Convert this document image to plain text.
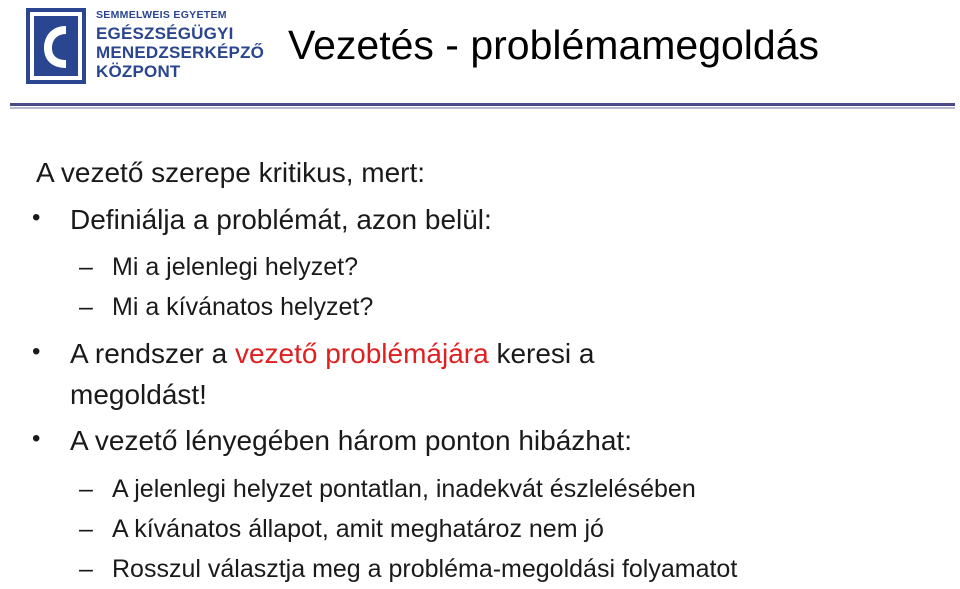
SEMMELWEIS EGYETEM
EGÉSZSÉGÜGYI
MENEDZSERKÉPZŐ
KÖZPONT
Vezetés - problémamegoldás
A vezető szerepe kritikus, mert:
• Definiálja a problémát, azon belül:
– Mi a jelenlegi helyzet?
– Mi a kívánatos helyzet?
• A rendszer a vezető problémájára keresi a
megoldást!
• A vezető lényegében három ponton hibázhat:
– A jelenlegi helyzet pontatlan, inadekvát észlelésében
– A kívánatos állapot, amit meghatároz nem jó
– Rosszul választja meg a probléma-megoldási folyamatot
